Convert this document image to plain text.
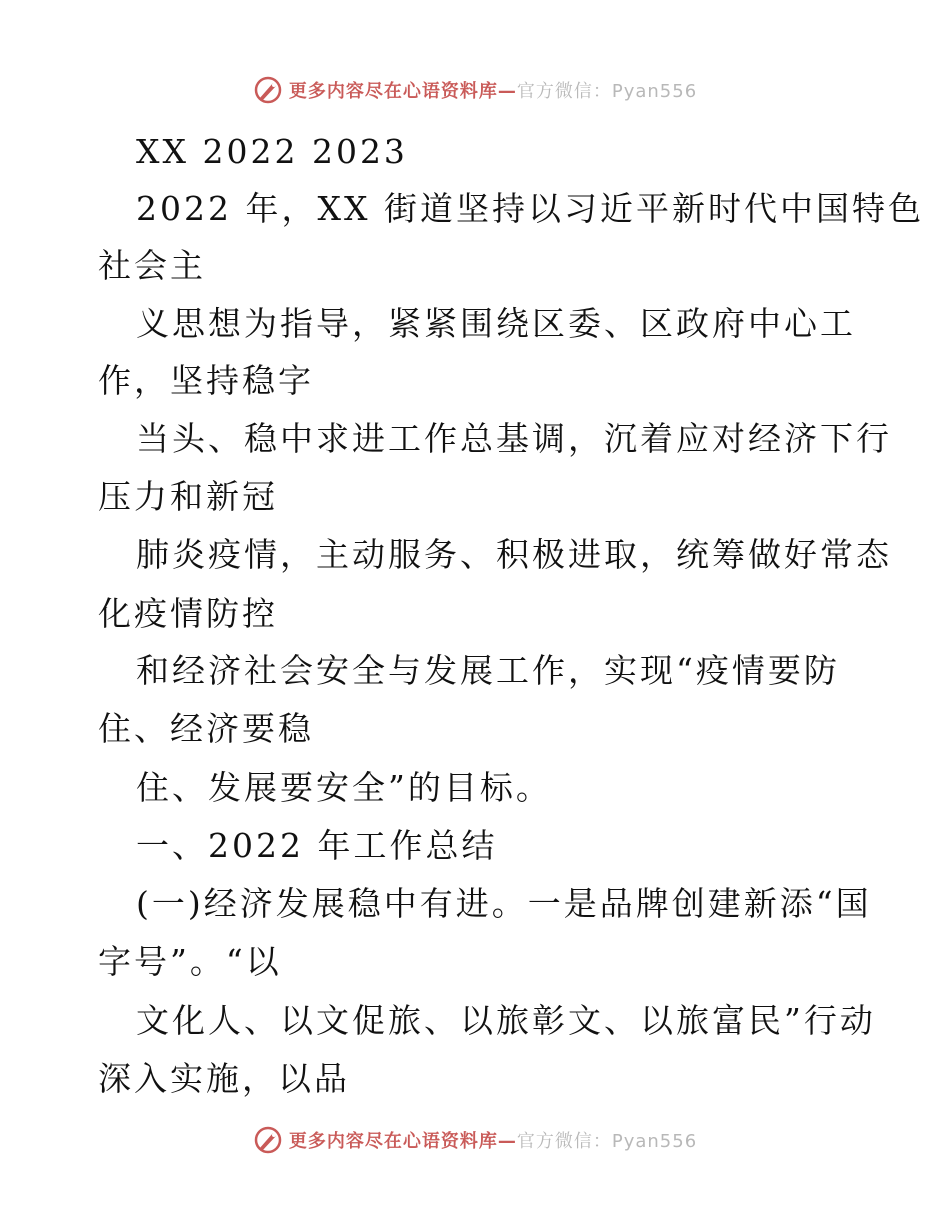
更多内容尽在心语资料库—官方微信：Pyan556
XX 2022 2023
2022 年，XX 街道坚持以习近平新时代中国特色
社会主
义思想为指导，紧紧围绕区委、区政府中心工
作，坚持稳字
当头、稳中求进工作总基调，沉着应对经济下行
压力和新冠
肺炎疫情，主动服务、积极进取，统筹做好常态
化疫情防控
和经济社会安全与发展工作，实现“疫情要防
住、经济要稳
住、发展要安全”的目标。
一、2022 年工作总结
(一)经济发展稳中有进。一是品牌创建新添“国
字号”。“以
文化人、以文促旅、以旅彰文、以旅富民”行动
深入实施，以品
更多内容尽在心语资料库—官方微信：Pyan556
